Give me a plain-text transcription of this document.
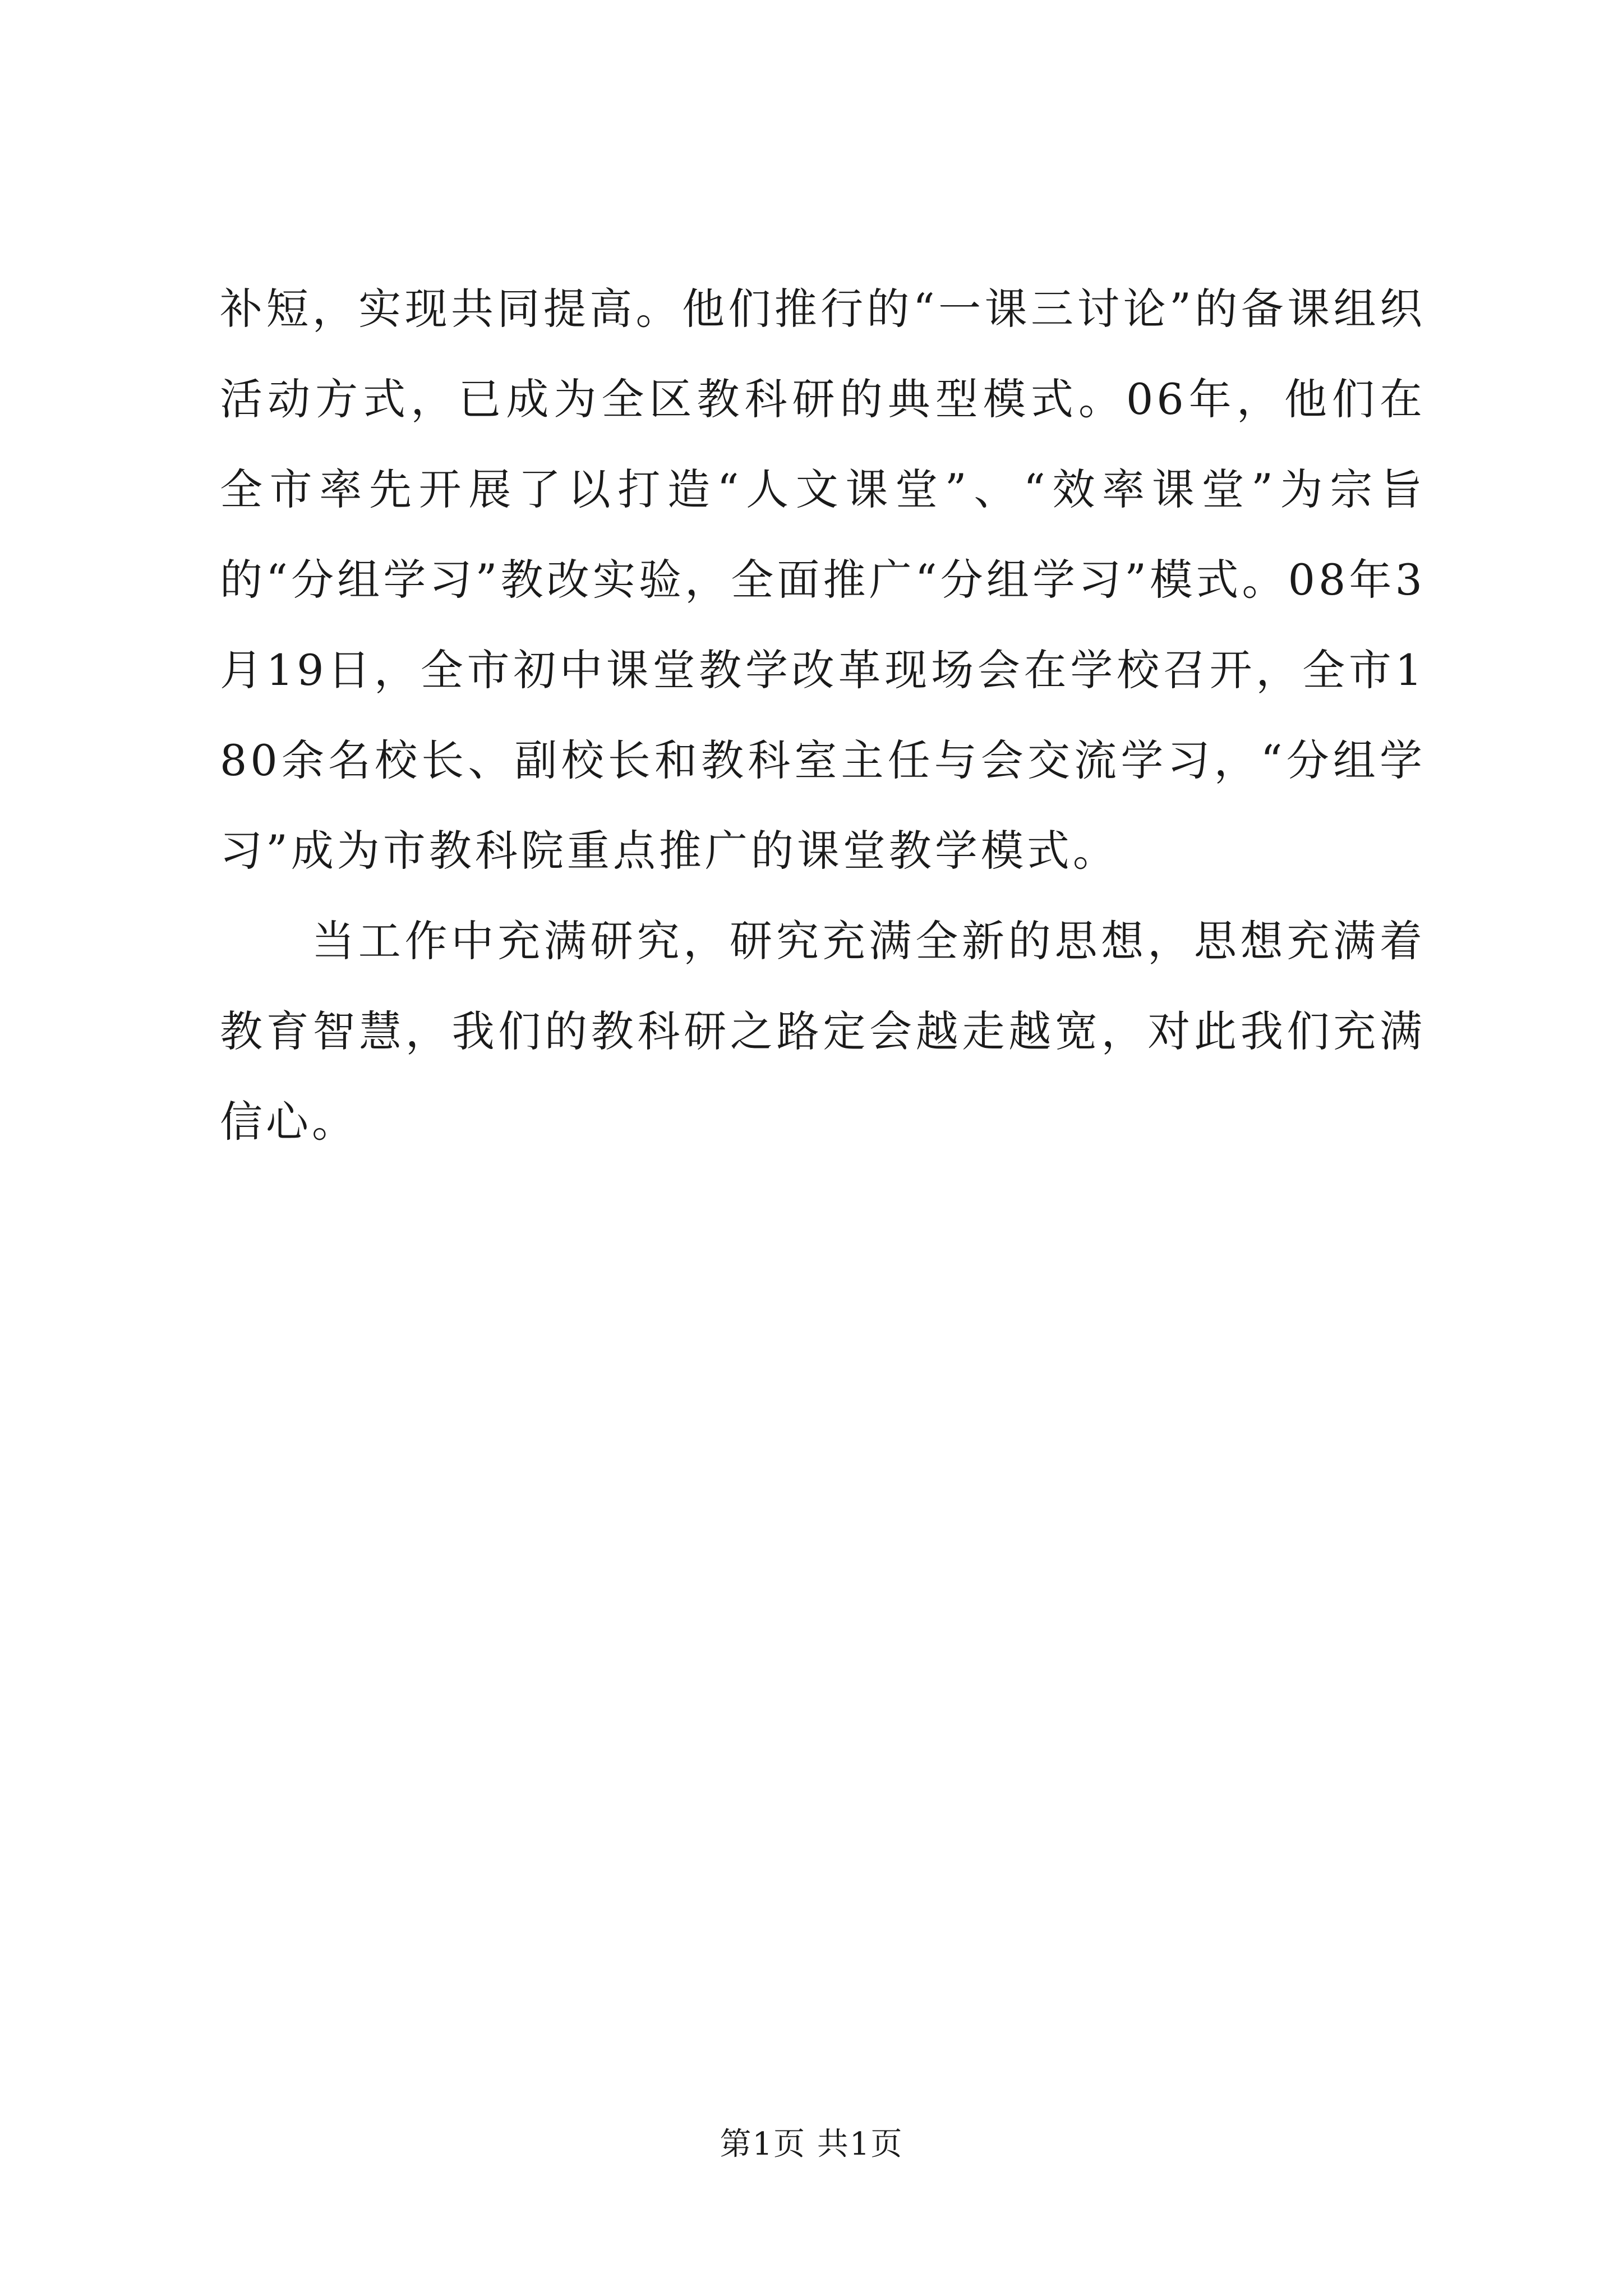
补短，实现共同提高。他们推行的“一课三讨论”的备课组织活动方式，已成为全区教科研的典型模式。06年，他们在全市率先开展了以打造“人文课堂”、“效率课堂”为宗旨的“分组学习”教改实验，全面推广“分组学习”模式。08年3月19日，全市初中课堂教学改革现场会在学校召开，全市180余名校长、副校长和教科室主任与会交流学习，“分组学习”成为市教科院重点推广的课堂教学模式。

当工作中充满研究，研究充满全新的思想，思想充满着教育智慧，我们的教科研之路定会越走越宽，对此我们充满信心。

第1页 共1页
